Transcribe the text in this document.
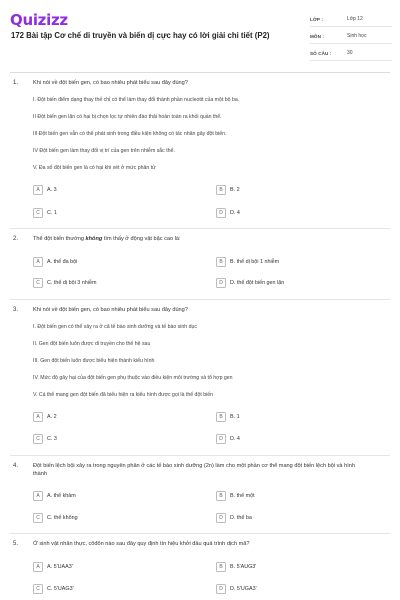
Quizizz
172 Bài tập Cơ chế di truyền và biến dị cực hay có lời giải chi tiết (P2)
LỚP :	Lớp 12
MÔN :	Sinh học
SỐ CÂU :	30
1.	Khi nói về đột biến gen, có bao nhiêu phát biểu sau đây đúng?
I. Đột biến điểm dạng thay thế chỉ có thể làm thay đổi thành phần nucleotit của một bộ ba.
II Đột biến gen lặn có hại bị chọn lọc tự nhiên đào thải hoàn toàn ra khỏi quần thể.
III Đột biến gen vẫn có thể phát sinh trong điều kiện không có tác nhân gây đột biến.
IV Đột biến gen làm thay đổi vị trí của gen trên nhiễm sắc thể.
V. Đa số đột biến gen là có hại khi xét ở mức phân tử
A	A. 3	B	B. 2
C	C. 1	D	D. 4
2.	Thể đột biến thường không tìm thấy ở động vật bậc cao là:
A	A. thể đa bội	B	B. thể dị bội 1 nhiễm
C	C. thể dị bội 3 nhiễm	D	D. thể đột biến gen lặn
3.	Khi nói về đột biến gen, có bao nhiêu phát biểu sau đây đúng?
I. Đột biến gen có thể xảy ra ở cả tế bào sinh dưỡng và tế bào sinh dục
II. Gen đột biến luôn được di truyền cho thế hệ sau
III. Gen đột biến luôn được biểu hiện thành kiểu hình
IV. Mức độ gây hại của đột biến gen phụ thuộc vào điều kiện môi trường và tổ hợp gen
V. Cá thể mang gen đột biến đã biểu hiện ra kiểu hình được gọi là thể đột biến
A	A. 2	B	B. 1
C	C. 3	D	D. 4
4.	Đột biến lệch bội xảy ra trong nguyên phân ở các tế bào sinh dưỡng (2n) làm cho một phần cơ thể mang đột biến lệch bội và hình thành
A	A. thể khảm	B	B. thể một
C	C. thể không	D	D. thể ba
5.	Ở sinh vật nhân thực, côđôn nào sau đây quy định tín hiệu khởi đầu quá trình dịch mã?
A	A. 5'UAA3'	B	B. 5'AUG3'
C	C. 5'UAG3'	D	D. 5'UGA3'
